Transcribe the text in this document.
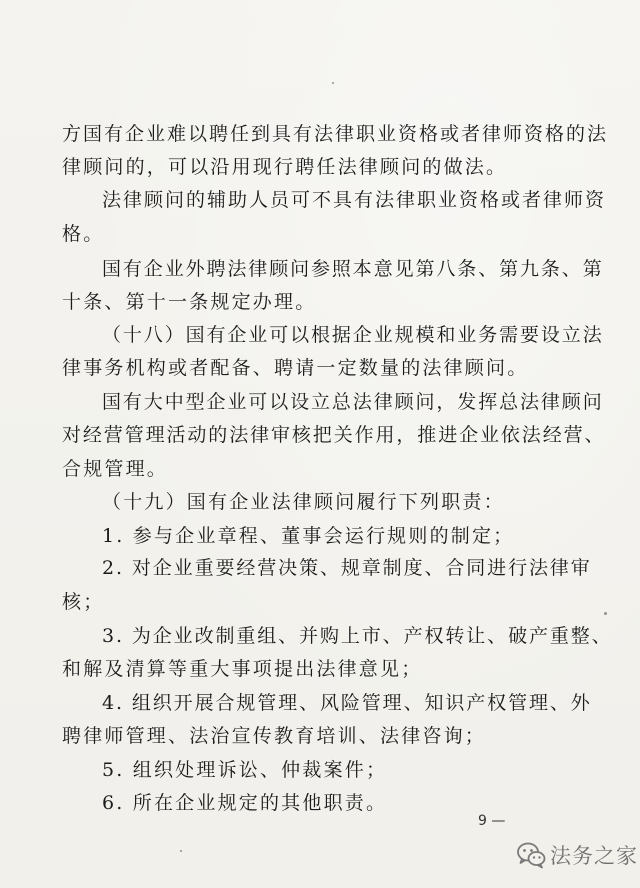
方国有企业难以聘任到具有法律职业资格或者律师资格的法
律顾问的，可以沿用现行聘任法律顾问的做法。
法律顾问的辅助人员可不具有法律职业资格或者律师资
格。
国有企业外聘法律顾问参照本意见第八条、第九条、第
十条、第十一条规定办理。
（十八）国有企业可以根据企业规模和业务需要设立法
律事务机构或者配备、聘请一定数量的法律顾问。
国有大中型企业可以设立总法律顾问，发挥总法律顾问
对经营管理活动的法律审核把关作用，推进企业依法经营、
合规管理。
（十九）国有企业法律顾问履行下列职责：
1. 参与企业章程、董事会运行规则的制定；
2. 对企业重要经营决策、规章制度、合同进行法律审
核；
3. 为企业改制重组、并购上市、产权转让、破产重整、
和解及清算等重大事项提出法律意见；
4. 组织开展合规管理、风险管理、知识产权管理、外
聘律师管理、法治宣传教育培训、法律咨询；
5. 组织处理诉讼、仲裁案件；
6. 所在企业规定的其他职责。
9 —
法务之家
